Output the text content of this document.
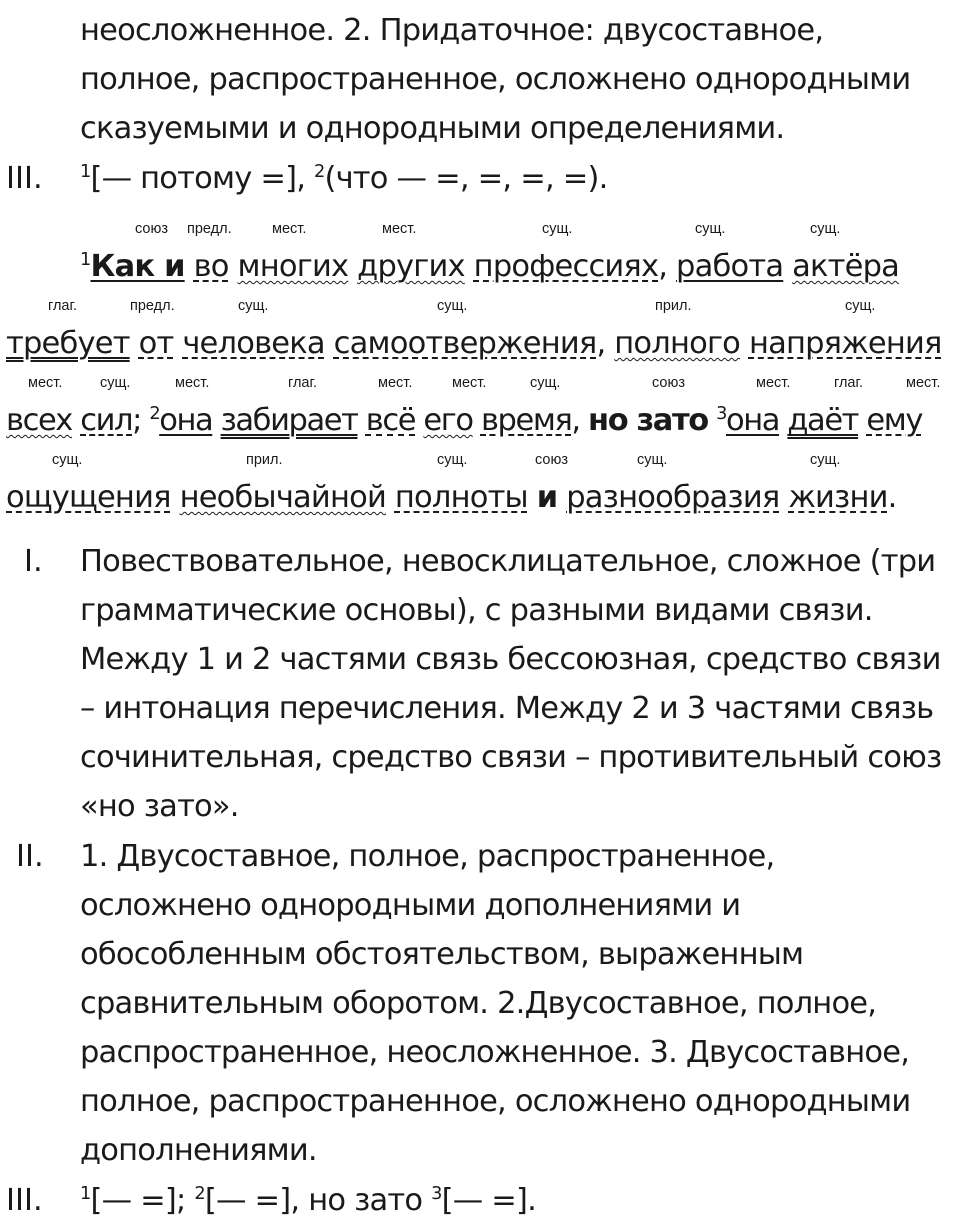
неосложненное. 2. Придаточное: двусоставное,
полное, распространенное, осложнено однородными
сказуемыми и однородными определениями.
III. $^1$[— потому =], $^2$(что — =, =, =, =).
союз предл.	мест.	мест.	сущ.	сущ.	сущ.
$^1$Как и во многих других профессиях, работа актёра
глаг.	предл.	сущ.	сущ.	прил.	сущ.
требует от человека самоотвержения, полного напряжения
мест.	сущ.	мест.	глаг.	мест.	мест.	сущ.	союз	мест.	глаг.	мест.
всех сил; $^2$она забирает всё его время, но зато $^3$она даёт ему
сущ.	прил.	сущ.	союз	сущ.	сущ.
ощущения необычайной полноты и разнообразия жизни.
I. Повествовательное, невосклицательное, сложное (три
грамматические основы), с разными видами связи.
Между 1 и 2 частями связь бессоюзная, средство связи
– интонация перечисления. Между 2 и 3 частями связь
сочинительная, средство связи – противительный союз
«но зато».
II. 1. Двусоставное, полное, распространенное,
осложнено однородными дополнениями и
обособленным обстоятельством, выраженным
сравнительным оборотом. 2.Двусоставное, полное,
распространенное, неосложненное. 3. Двусоставное,
полное, распространенное, осложнено однородными
дополнениями.
III. $^1$[— =]; $^2$[— =], но зато $^3$[— =].
